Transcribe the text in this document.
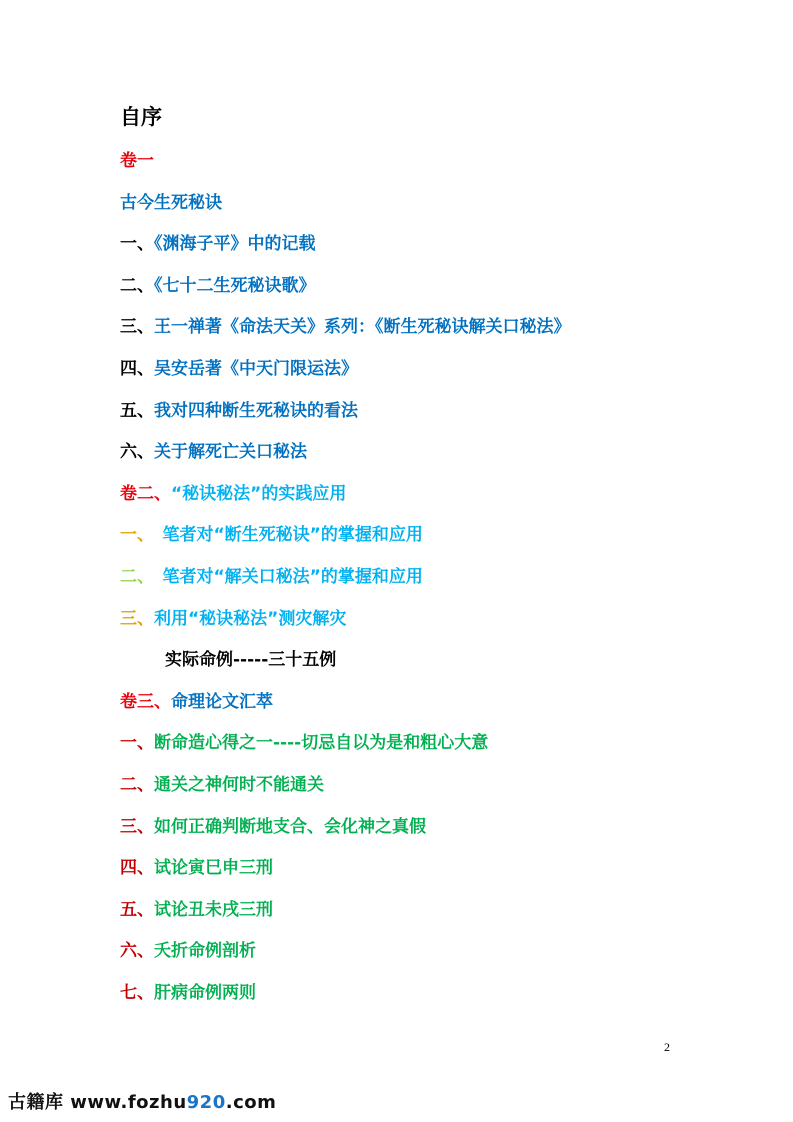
自序
卷一
古今生死秘诀
一、《渊海子平》中的记载
二、《七十二生死秘诀歌》
三、王一禅著《命法天关》系列：《断生死秘诀解关口秘法》
四、吴安岳著《中天门限运法》
五、我对四种断生死秘诀的看法
六、关于解死亡关口秘法
卷二、“秘诀秘法”的实践应用
一、　笔者对“断生死秘诀”的掌握和应用
二、　笔者对“解关口秘法”的掌握和应用
三、利用“秘诀秘法”测灾解灾
实际命例-----三十五例
卷三、命理论文汇萃
一、断命造心得之一----切忌自以为是和粗心大意
二、通关之神何时不能通关
三、如何正确判断地支合、会化神之真假
四、试论寅巳申三刑
五、试论丑未戌三刑
六、夭折命例剖析
七、肝病命例两则
2
古籍库 www.fozhu920.com
